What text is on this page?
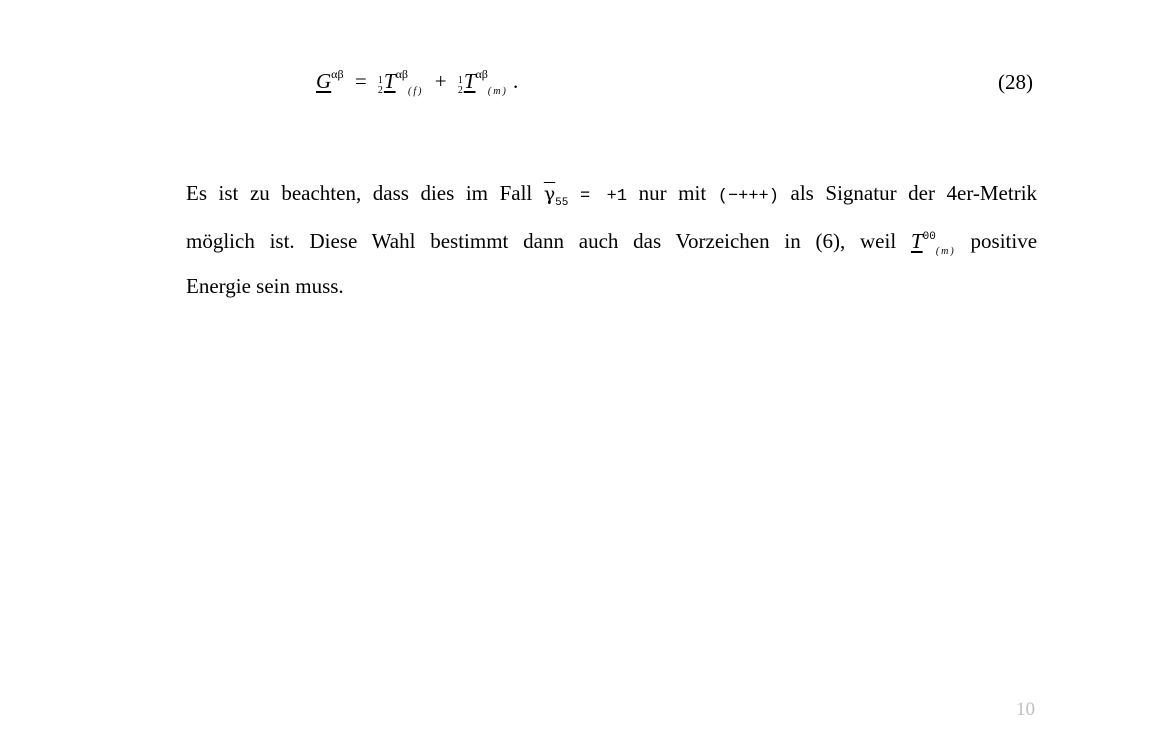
$G^{\alpha\beta} = 1$
2 $T^{\alpha\beta}_{(f)} + 1$
2 $T^{\alpha\beta}_{(m)}$ .	(28)
Es ist zu beachten, dass dies im Fall $\overline{\gamma}_{55} = +1$ nur mit (−+++) als Signatur der 4er-Metrik
möglich ist. Diese Wahl bestimmt dann auch das Vorzeichen in (6), weil $T^{00}_{(m)}$ positive
Energie sein muss.
10
